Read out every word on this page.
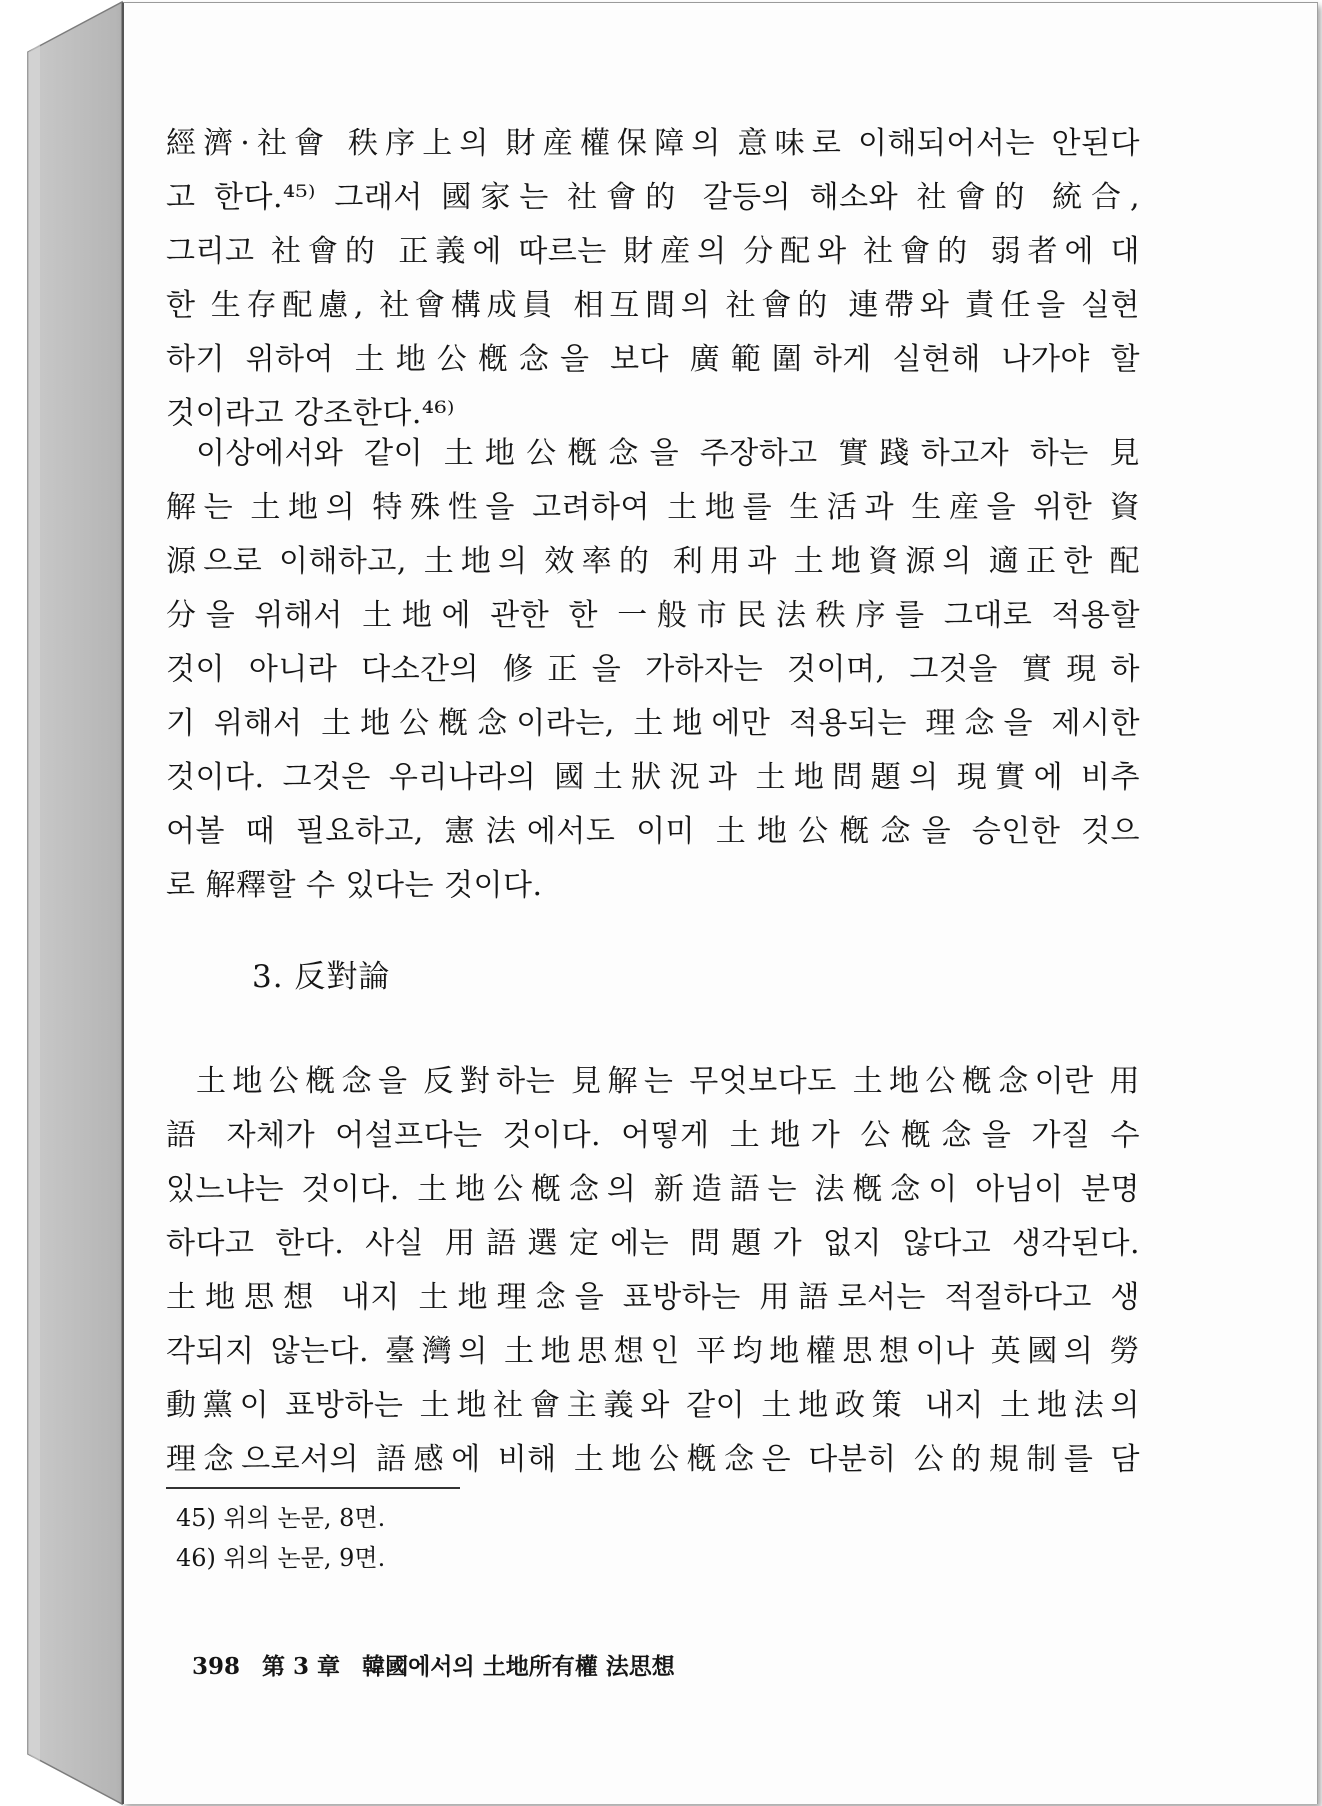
經濟·社會 秩序上의 財産權保障의 意味로 이해되어서는 안된다
고 한다.⁴⁵⁾ 그래서 國家는 社會的 갈등의 해소와 社會的 統合,
그리고 社會的 正義에 따르는 財産의 分配와 社會的 弱者에 대
한 生存配慮, 社會構成員 相互間의 社會的 連帶와 責任을 실현
하기 위하여 土地公槪念을 보다 廣範圍하게 실현해 나가야 할
것이라고 강조한다.⁴⁶⁾
이상에서와 같이 土地公槪念을 주장하고 實踐하고자 하는 見
解는 土地의 特殊性을 고려하여 土地를 生活과 生産을 위한 資
源으로 이해하고, 土地의 效率的 利用과 土地資源의 適正한 配
分을 위해서 土地에 관한 한 一般市民法秩序를 그대로 적용할
것이 아니라 다소간의 修正을 가하자는 것이며, 그것을 實現하
기 위해서 土地公槪念이라는, 土地에만 적용되는 理念을 제시한
것이다. 그것은 우리나라의 國土狀況과 土地問題의 現實에 비추
어볼 때 필요하고, 憲法에서도 이미 土地公槪念을 승인한 것으
로 解釋할 수 있다는 것이다.
3. 反對論
土地公槪念을 反對하는 見解는 무엇보다도 土地公槪念이란 用
語 자체가 어설프다는 것이다. 어떻게 土地가 公槪念을 가질 수
있느냐는 것이다. 土地公槪念의 新造語는 法槪念이 아님이 분명
하다고 한다. 사실 用語選定에는 問題가 없지 않다고 생각된다.
土地思想 내지 土地理念을 표방하는 用語로서는 적절하다고 생
각되지 않는다. 臺灣의 土地思想인 平均地權思想이나 英國의 勞
動黨이 표방하는 土地社會主義와 같이 土地政策 내지 土地法의
理念으로서의 語感에 비해 土地公槪念은 다분히 公的規制를 담
45) 위의 논문, 8면.
46) 위의 논문, 9면.
398 第 3 章 韓國에서의 土地所有權 法思想
